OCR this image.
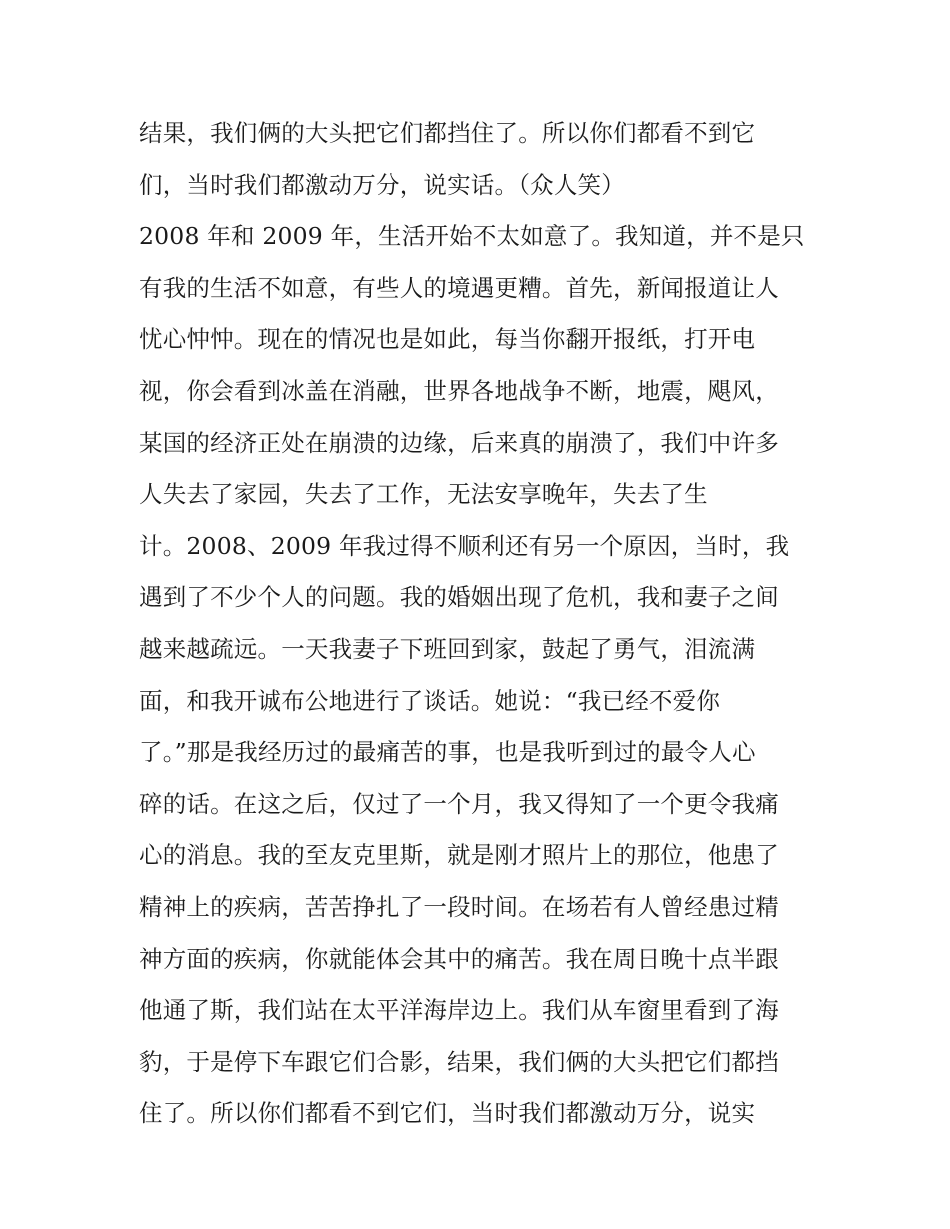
结果，我们俩的大头把它们都挡住了。所以你们都看不到它
们，当时我们都激动万分，说实话。（众人笑）
2008 年和 2009 年，生活开始不太如意了。我知道，并不是只
有我的生活不如意，有些人的境遇更糟。首先，新闻报道让人
忧心忡忡。现在的情况也是如此，每当你翻开报纸，打开电
视，你会看到冰盖在消融，世界各地战争不断，地震，飓风，
某国的经济正处在崩溃的边缘，后来真的崩溃了，我们中许多
人失去了家园，失去了工作，无法安享晚年，失去了生
计。2008、2009 年我过得不顺利还有另一个原因，当时，我
遇到了不少个人的问题。我的婚姻出现了危机，我和妻子之间
越来越疏远。一天我妻子下班回到家，鼓起了勇气，泪流满
面，和我开诚布公地进行了谈话。她说：“我已经不爱你
了。”那是我经历过的最痛苦的事，也是我听到过的最令人心
碎的话。在这之后，仅过了一个月，我又得知了一个更令我痛
心的消息。我的至友克里斯，就是刚才照片上的那位，他患了
精神上的疾病，苦苦挣扎了一段时间。在场若有人曾经患过精
神方面的疾病，你就能体会其中的痛苦。我在周日晚十点半跟
他通了斯，我们站在太平洋海岸边上。我们从车窗里看到了海
豹，于是停下车跟它们合影，结果，我们俩的大头把它们都挡
住了。所以你们都看不到它们，当时我们都激动万分，说实
